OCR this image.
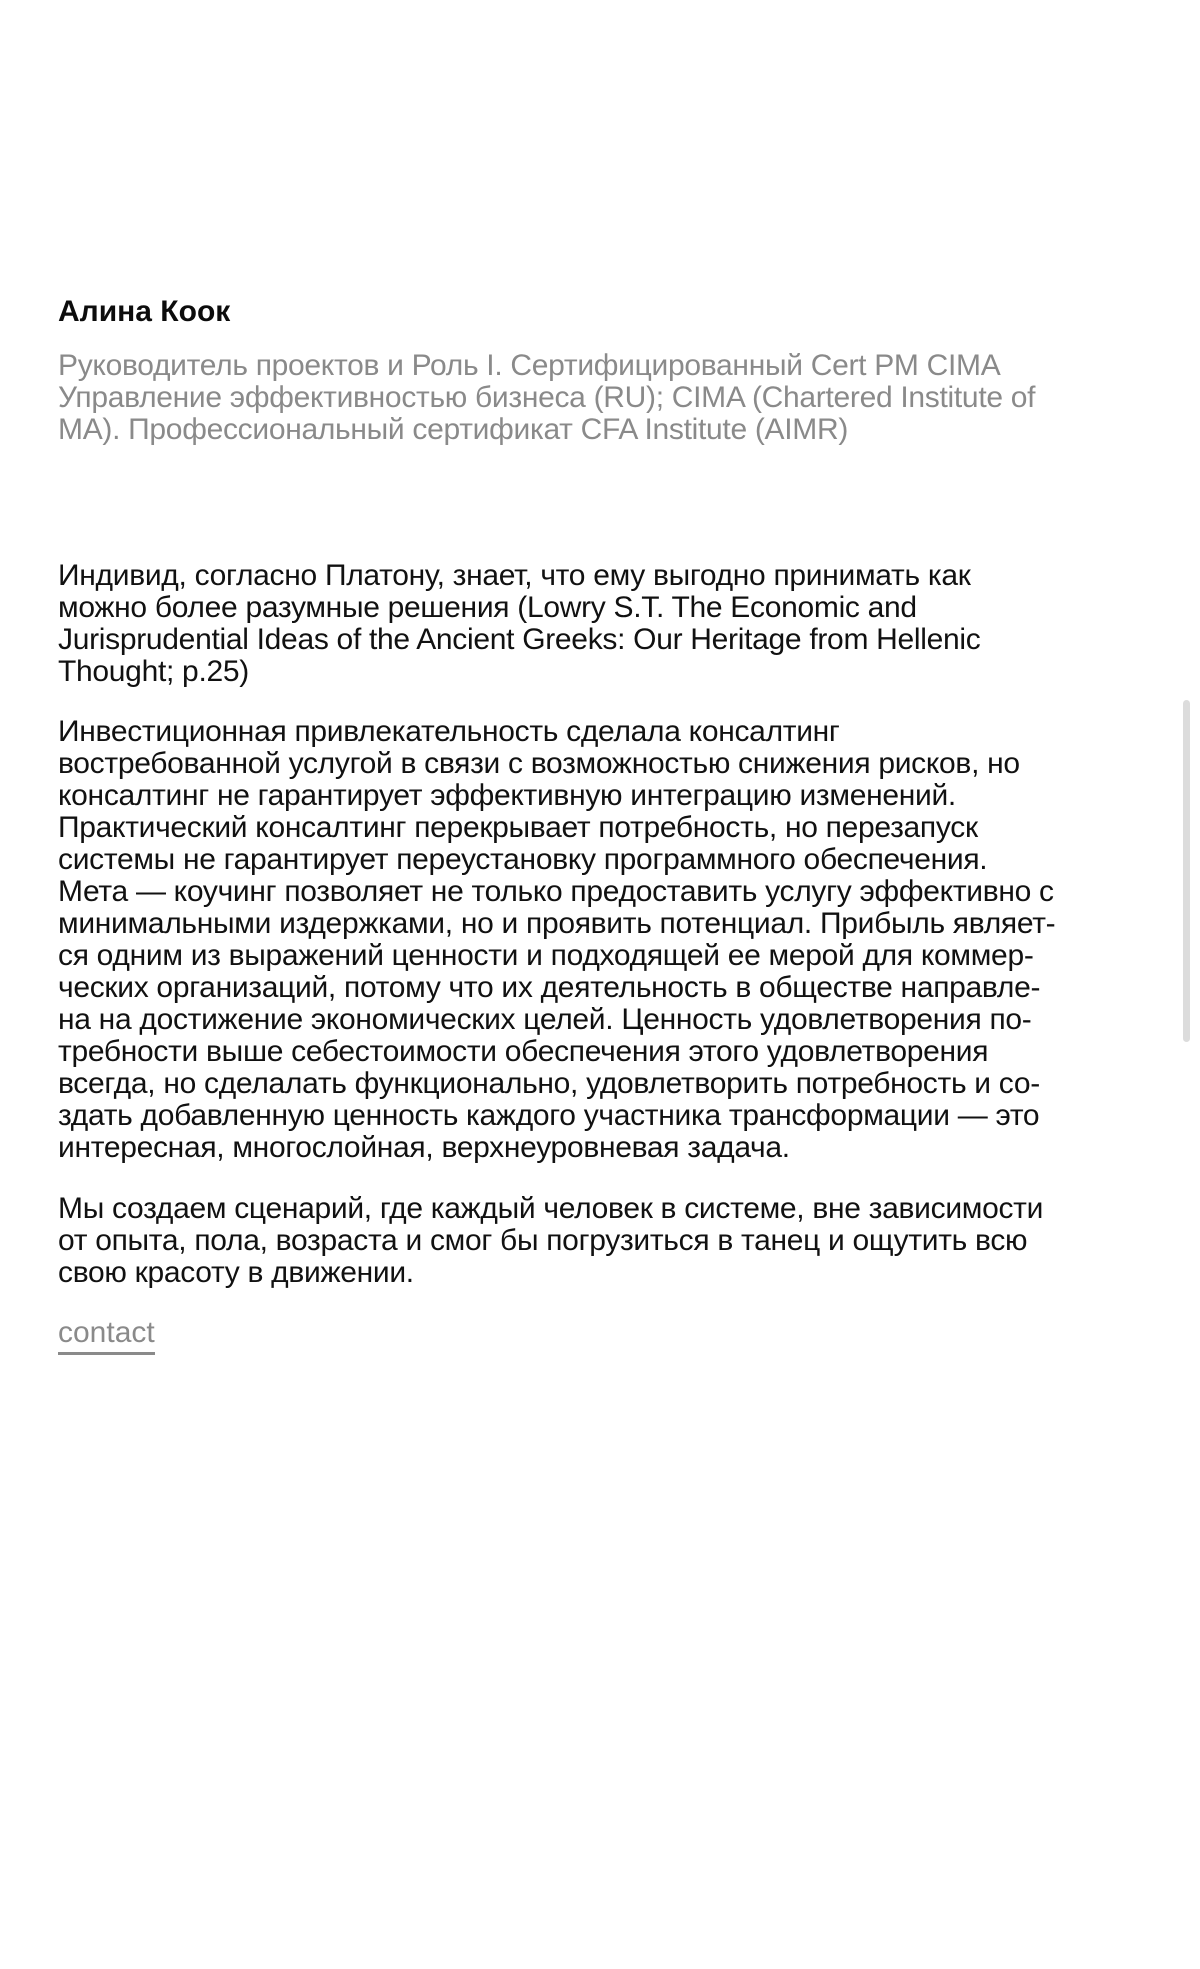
Алина Коок
Руководитель проектов и Роль I. Сертифицированный Cert PM CIMA
Управление эффективностью бизнеса (RU); CIMA (Chartered Institute of
MA). Профессиональный сертификат CFA Institute (AIMR)
Индивид, согласно Платону, знает, что ему выгодно принимать как
можно более разумные решения (Lowry S.T. The Economic and
Jurisprudential Ideas of the Ancient Greeks: Our Heritage from Hellenic
Thought; p.25)
Инвестиционная привлекательность сделала консалтинг
востребованной услугой в связи с возможностью снижения рисков, но
консалтинг не гарантирует эффективную интеграцию изменений.
Практический консалтинг перекрывает потребность, но перезапуск
системы не гарантирует переустановку программного обеспечения.
Мета — коучинг позволяет не только предоставить услугу эффективно с
минимальными издержками, но и проявить потенциал. Прибыль являет-
ся одним из выражений ценности и подходящей ее мерой для коммер-
ческих организаций, потому что их деятельность в обществе направле-
на на достижение экономических целей. Ценность удовлетворения по-
требности выше себестоимости обеспечения этого удовлетворения
всегда, но сделалать функционально, удовлетворить потребность и со-
здать добавленную ценность каждого участника трансформации — это
интересная, многослойная, верхнеуровневая задача.
Мы создаем сценарий, где каждый человек в системе, вне зависимости
от опыта, пола, возраста и смог бы погрузиться в танец и ощутить всю
свою красоту в движении.
contact
